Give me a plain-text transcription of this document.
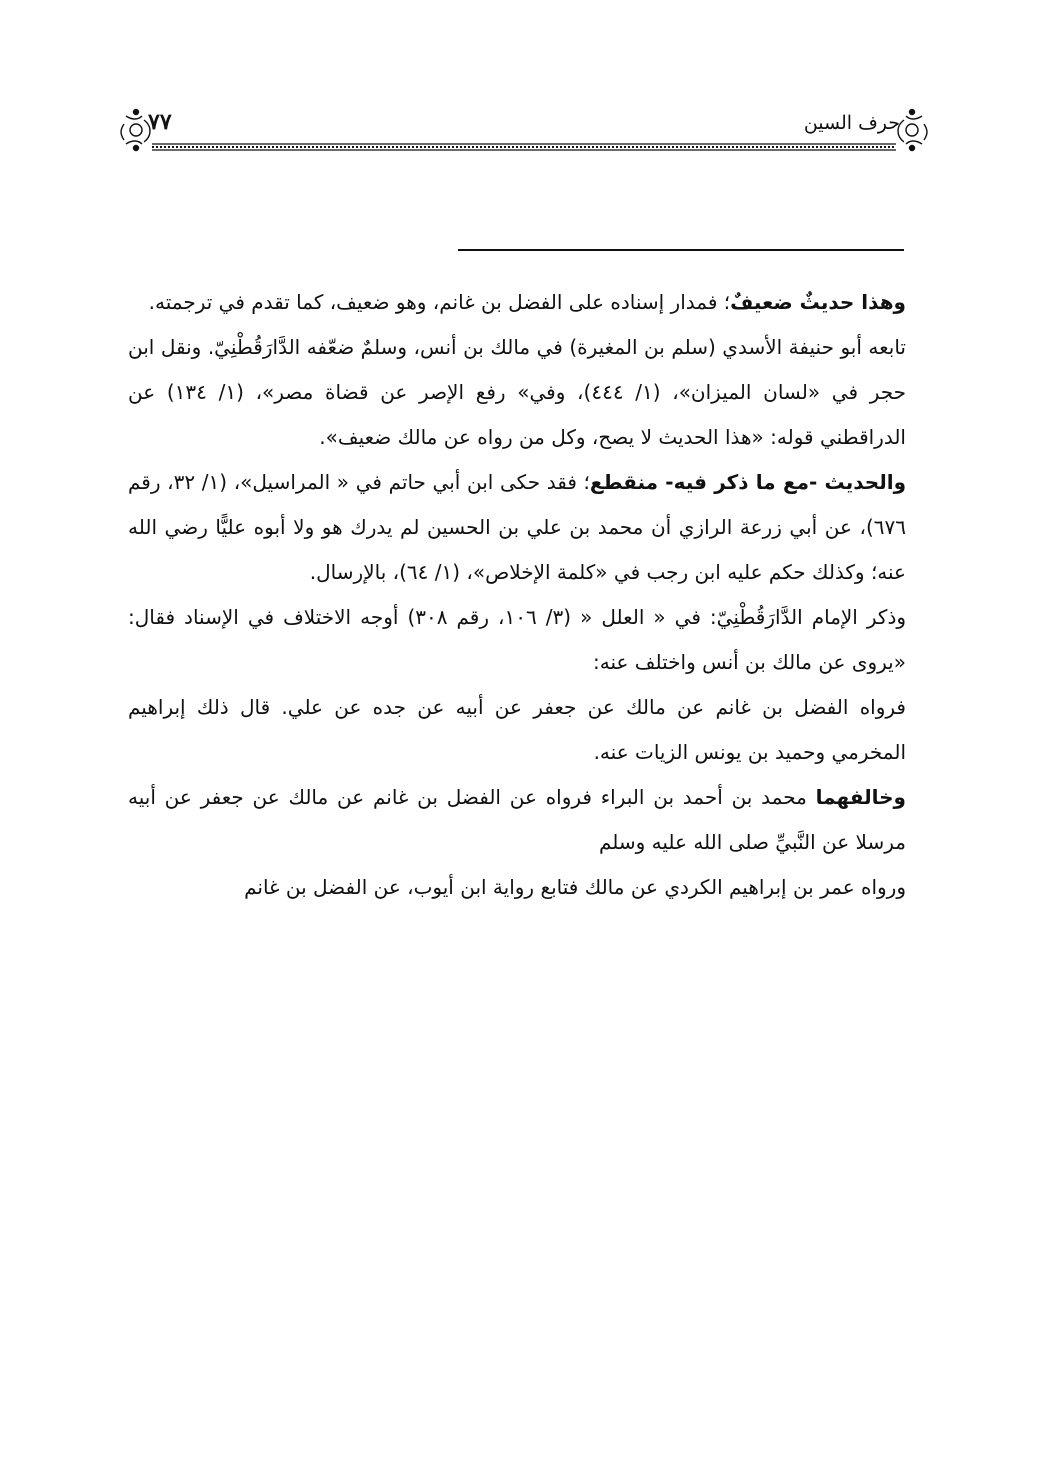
حرف السين
٧٧

وهذا حديثٌ ضعيفٌ؛ فمدار إسناده على الفضل بن غانم، وهو ضعيف، كما تقدم في ترجمته.

تابعه أبو حنيفة الأسدي (سلم بن المغيرة) في مالك بن أنس، وسلمٌ ضعّفه الدَّارَقُطْنِيّ. ونقل ابن حجر في «لسان الميزان»، (١/ ٤٤٤)، وفي» رفع الإصر عن قضاة مصر»، (١/ ١٣٤) عن الدراقطني قوله: «هذا الحديث لا يصح، وكل من رواه عن مالك ضعيف».

والحديث -مع ما ذكر فيه- منقطع؛ فقد حكى ابن أبي حاتم في « المراسيل»، (١/ ٣٢، رقم ٦٧٦)، عن أبي زرعة الرازي أن محمد بن علي بن الحسين لم يدرك هو ولا أبوه عليًّا رضي الله عنه؛ وكذلك حكم عليه ابن رجب في «كلمة الإخلاص»، (١/ ٦٤)، بالإرسال.

وذكر الإمام الدَّارَقُطْنِيّ: في « العلل « (٣/ ١٠٦، رقم ٣٠٨) أوجه الاختلاف في الإسناد فقال: «يروى عن مالك بن أنس واختلف عنه:

فرواه الفضل بن غانم عن مالك عن جعفر عن أبيه عن جده عن علي. قال ذلك إبراهيم المخرمي وحميد بن يونس الزيات عنه.

وخالفهما محمد بن أحمد بن البراء فرواه عن الفضل بن غانم عن مالك عن جعفر عن أبيه مرسلا عن النَّبيِّ صلى الله عليه وسلم

ورواه عمر بن إبراهيم الكردي عن مالك فتابع رواية ابن أيوب، عن الفضل بن غانم
